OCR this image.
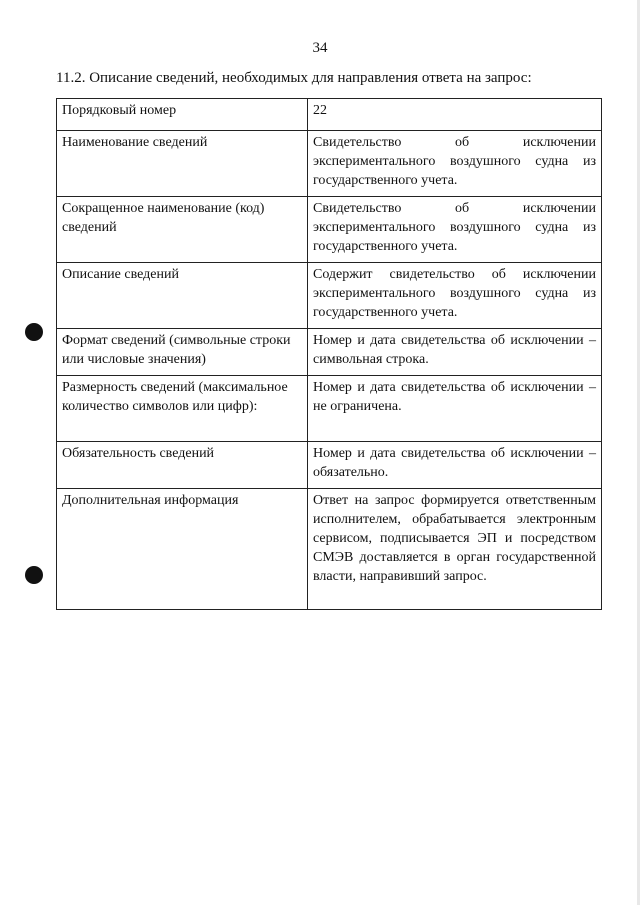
34
11.2. Описание сведений, необходимых для направления ответа на запрос:
Порядковый номер	22
Наименование сведений	Свидетельство об исключении экспериментального воздушного судна из государственного учета.
Сокращенное наименование (код) сведений	Свидетельство об исключении экспериментального воздушного судна из государственного учета.
Описание сведений	Содержит свидетельство об исключении экспериментального воздушного судна из государственного учета.
Формат сведений (символьные строки или числовые значения)	Номер и дата свидетельства об исключении – символьная строка.
Размерность сведений (максимальное количество символов или цифр):	Номер и дата свидетельства об исключении – не ограничена.
Обязательность сведений	Номер и дата свидетельства об исключении – обязательно.
Дополнительная информация	Ответ на запрос формируется ответственным исполнителем, обрабатывается электронным сервисом, подписывается ЭП и посредством СМЭВ доставляется в орган государственной власти, направивший запрос.
